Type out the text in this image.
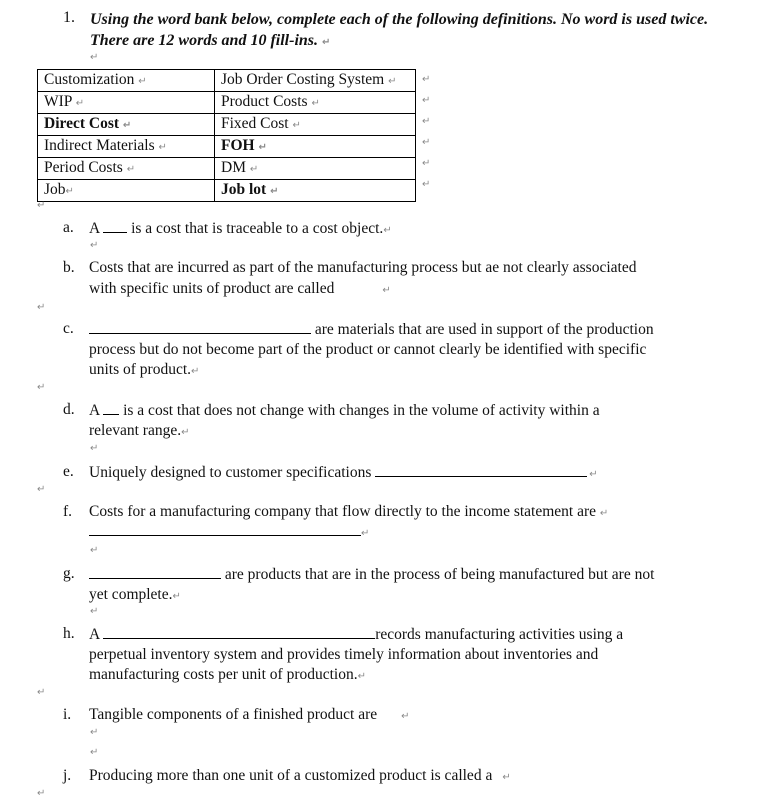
1. Using the word bank below, complete each of the following definitions. No word is used twice. There are 12 words and 10 fill-ins. ↵
↵
Customization ↵	Job Order Costing System ↵
WIP ↵	Product Costs ↵
Direct Cost ↵	Fixed Cost ↵
Indirect Materials ↵	FOH ↵
Period Costs ↵	DM ↵
Job↵	Job lot ↵
↵
↵
↵
↵
↵
↵
↵
a. A is a cost that is traceable to a cost object.↵
↵
b. Costs that are incurred as part of the manufacturing process but ae not clearly associated
with specific units of product are called	↵
↵
c.	are materials that are used in support of the production
process but do not become part of the product or cannot clearly be identified with specific
units of product.↵
↵
d. A is a cost that does not change with changes in the volume of activity within a
relevant range.↵
↵
e. Uniquely designed to customer specifications	↵
↵
f. Costs for a manufacturing company that flow directly to the income statement are ↵
↵
↵
g.	are products that are in the process of being manufactured but are not
yet complete.↵
↵
h. A	records manufacturing activities using a
perpetual inventory system and provides timely information about inventories and
manufacturing costs per unit of production.↵
↵
i. Tangible components of a finished product are ↵
↵
↵
j. Producing more than one unit of a customized product is called a ↵
↵
